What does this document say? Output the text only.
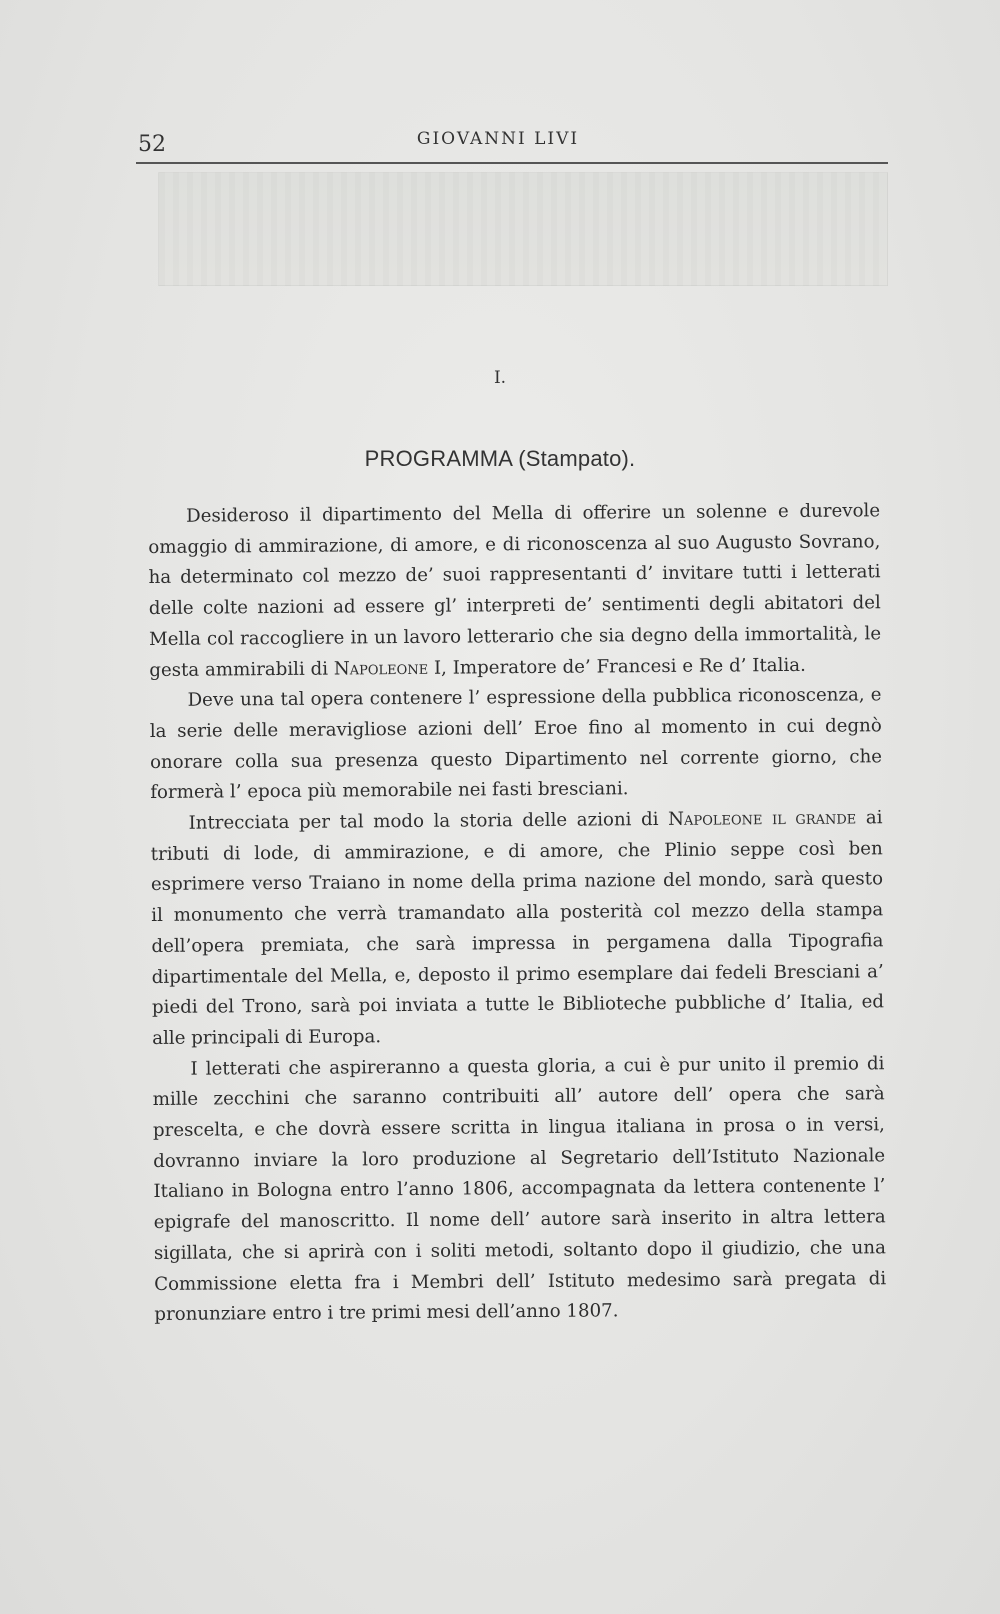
52	GIOVANNI LIVI
I.
PROGRAMMA (Stampato).

Desideroso il dipartimento del Mella di offerire un solenne e durevole omaggio di ammirazione, di amore, e di riconoscenza al suo Augusto Sovrano, ha determinato col mezzo de’ suoi rappresentanti d’ invitare tutti i letterati delle colte nazioni ad essere gl’ interpreti de’ sentimenti degli abitatori del Mella col raccogliere in un lavoro letterario che sia degno della immortalità, le gesta ammirabili di Napoleone I, Imperatore de’ Francesi e Re d’ Italia.

Deve una tal opera contenere l’ espressione della pubblica riconoscenza, e la serie delle meravigliose azioni dell’ Eroe fino al momento in cui degnò onorare colla sua presenza questo Dipartimento nel corrente giorno, che formerà l’ epoca più memorabile nei fasti bresciani.

Intrecciata per tal modo la storia delle azioni di Napoleone il grande ai tributi di lode, di ammirazione, e di amore, che Plinio seppe così ben esprimere verso Traiano in nome della prima nazione del mondo, sarà questo il monumento che verrà tramandato alla posterità col mezzo della stampa dell’opera premiata, che sarà impressa in pergamena dalla Tipografia dipartimentale del Mella, e, deposto il primo esemplare dai fedeli Bresciani a’ piedi del Trono, sarà poi inviata a tutte le Biblioteche pubbliche d’ Italia, ed alle principali di Europa.

I letterati che aspireranno a questa gloria, a cui è pur unito il premio di mille zecchini che saranno contribuiti all’ autore dell’ opera che sarà prescelta, e che dovrà essere scritta in lingua italiana in prosa o in versi, dovranno inviare la loro produzione al Segretario dell’Istituto Nazionale Italiano in Bologna entro l’anno 1806, accompagnata da lettera contenente l’ epigrafe del manoscritto. Il nome dell’ autore sarà inserito in altra lettera sigillata, che si aprirà con i soliti metodi, soltanto dopo il giudizio, che una Commissione eletta fra i Membri dell’ Istituto medesimo sarà pregata di pronunziare entro i tre primi mesi dell’anno 1807.
